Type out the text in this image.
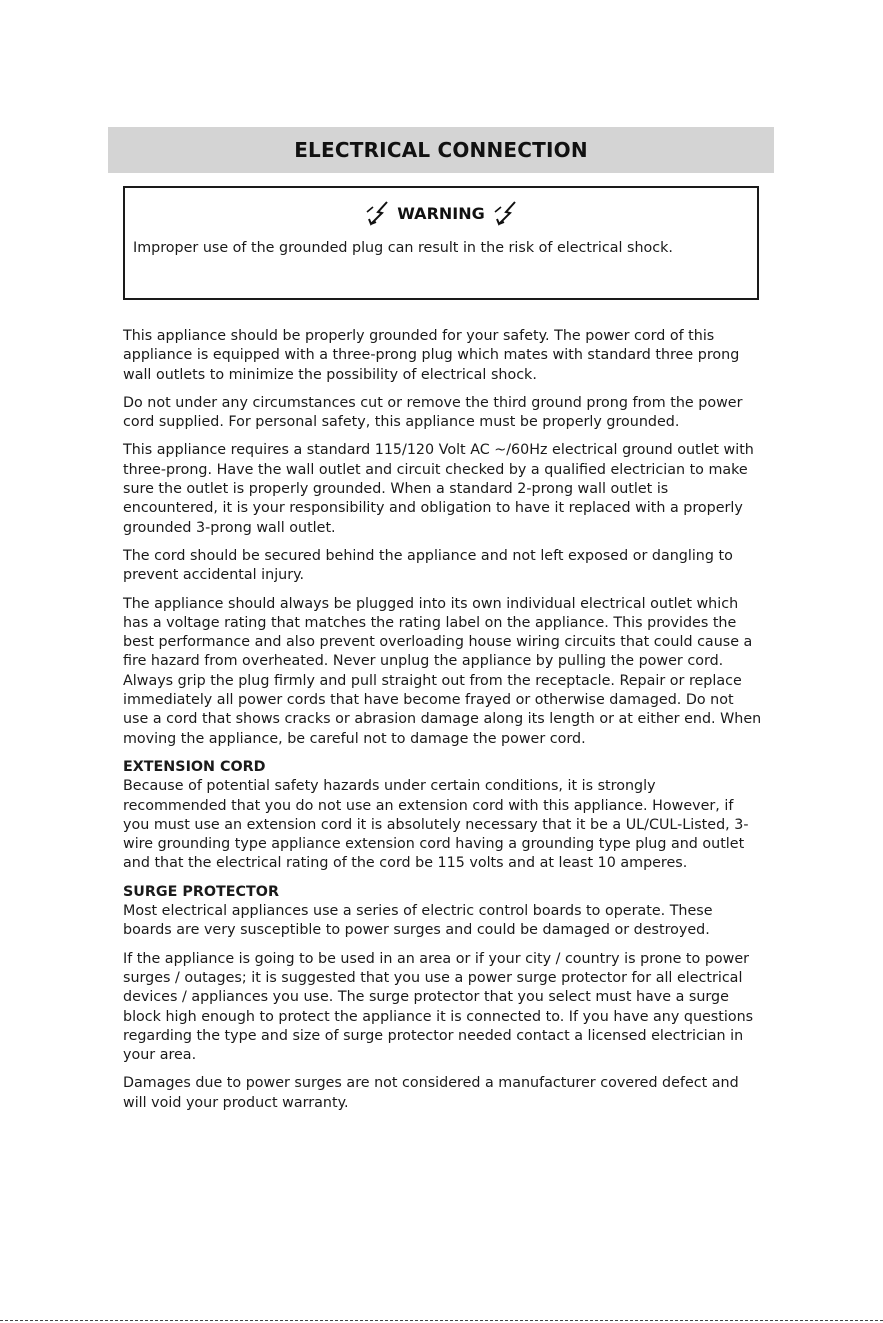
ELECTRICAL CONNECTION
WARNING
Improper use of the grounded plug can result in the risk of electrical shock.

This appliance should be properly grounded for your safety. The power cord of this appliance is equipped with a three-prong plug which mates with standard three prong wall outlets to minimize the possibility of electrical shock.

Do not under any circumstances cut or remove the third ground prong from the power cord supplied. For personal safety, this appliance must be properly grounded.

This appliance requires a standard 115/120 Volt AC ~/60Hz electrical ground outlet with three-prong. Have the wall outlet and circuit checked by a qualified electrician to make sure the outlet is properly grounded. When a standard 2-prong wall outlet is encountered, it is your responsibility and obligation to have it replaced with a properly grounded 3-prong wall outlet.

The cord should be secured behind the appliance and not left exposed or dangling to prevent accidental injury.

The appliance should always be plugged into its own individual electrical outlet which has a voltage rating that matches the rating label on the appliance. This provides the best performance and also prevent overloading house wiring circuits that could cause a fire hazard from overheated. Never unplug the appliance by pulling the power cord. Always grip the plug firmly and pull straight out from the receptacle. Repair or replace immediately all power cords that have become frayed or otherwise damaged. Do not use a cord that shows cracks or abrasion damage along its length or at either end. When moving the appliance, be careful not to damage the power cord.

EXTENSION CORD

Because of potential safety hazards under certain conditions, it is strongly recommended that you do not use an extension cord with this appliance. However, if you must use an extension cord it is absolutely necessary that it be a UL/CUL-Listed, 3-wire grounding type appliance extension cord having a grounding type plug and outlet and that the electrical rating of the cord be 115 volts and at least 10 amperes.

SURGE PROTECTOR

Most electrical appliances use a series of electric control boards to operate. These boards are very susceptible to power surges and could be damaged or destroyed.

If the appliance is going to be used in an area or if your city / country is prone to power surges / outages; it is suggested that you use a power surge protector for all electrical devices / appliances you use. The surge protector that you select must have a surge block high enough to protect the appliance it is connected to. If you have any questions regarding the type and size of surge protector needed contact a licensed electrician in your area.

Damages due to power surges are not considered a manufacturer covered defect and will void your product warranty.
